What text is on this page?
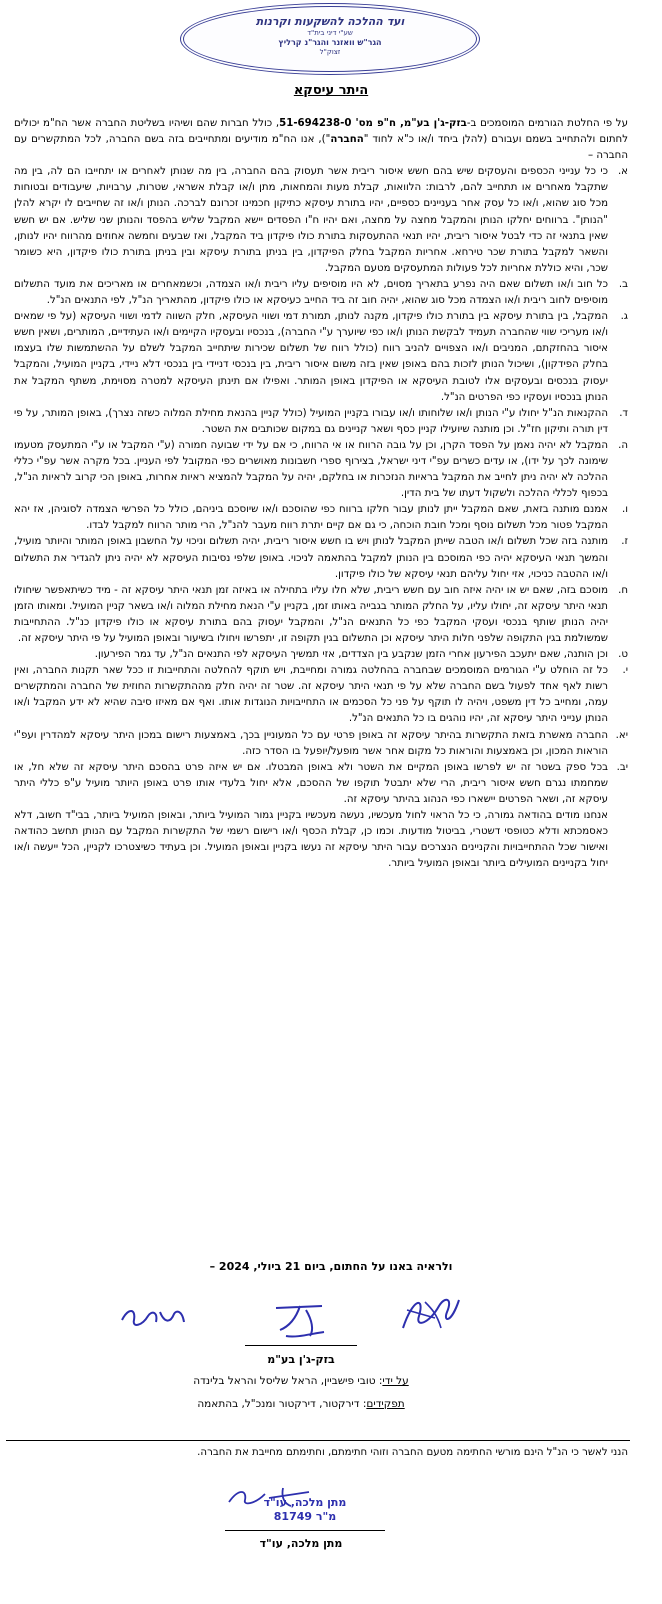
ועד ההלכה להשקעות וקרנות
שע"י דיני בית"ד
הגר"ש וואזנר והגר"נ קרליץ
זצוק"ל
היתר עיסקא
על פי החלטת הגורמים המוסמכים ב-בזק-ג'ן בע"מ, ח"פ מס' 51-694238-0, כולל חברות שהם ושיהיו בשליטת החברה אשר הח"מ יכולים לחתום ולהתחייב בשמם ועבורם (להלן ביחד ו/או כ"א לחוד "החברה"), אנו הח"מ מודיעים ומתחייבים בזה בשם החברה, לכל המתקשרים עם החברה –
א.
כי כל ענייני הכספים והעסקים שיש בהם חשש איסור ריבית אשר תעסוק בהם החברה, בין מה שנותן לאחרים או יתחייבו הם לה, בין מה שתקבל מאחרים או תתחייב להם, לרבות: הלוואות, קבלת מעות והמחאות, מתן ו/או קבלת אשראי, שטרות, ערבויות, שיעבודים ובטוחות מכל סוג שהוא, ו/או כל עסק אחר בעניינים כספיים, יהיו בתורת עיסקא כתיקון חכמינו זכרונם לברכה. הנותן ו/או זה שחייבים לו יקרא להלן "הנותן". ברווחים יחלקו הנותן והמקבל מחצה על מחצה, ואם יהיו ח"ו הפסדים יישא המקבל שליש בהפסד והנותן שני שליש. אם יש חשש שאין בתנאי זה כדי לבטל איסור ריבית, יהיו תנאי ההתעסקות בתורת כולו פיקדון ביד המקבל, ואז שבעים וחמשה אחוזים מהרווח יהיו לנותן, והשאר למקבל בתורת שכר טירחא. אחריות המקבל בחלק הפיקדון, בין בניתן בתורת עיסקא ובין בניתן בתורת כולו פיקדון, היא כשומר שכר, והיא כוללת אחריות לכל פעולות המתעסקים מטעם המקבל.
ב.
כל חוב ו/או תשלום שאם היה נפרע בתאריך מסוים, לא היו מוסיפים עליו ריבית ו/או הצמדה, וכשמאחרים או מאריכים את מועד התשלום מוסיפים לחוב ריבית ו/או הצמדה מכל סוג שהוא, יהיה חוב זה ביד החייב כעיסקא או כולו פיקדון, מהתאריך הנ"ל, לפי התנאים הנ"ל.
ג.
המקבל, בין בתורת עיסקא בין בתורת כולו פיקדון, מקנה לנותן, תמורת דמי ושווי העיסקא, חלק השווה לדמי ושווי העיסקא (על פי שמאים ו/או מעריכי שווי שהחברה תעמיד לבקשת הנותן ו/או כפי שיוערך ע"י החברה), בנכסיו ובעסקיו הקיימים ו/או העתידיים, המותרים, ושאין חשש איסור בהחזקתם, המניבים ו/או הצפויים להניב רווח (כולל רווח של תשלום שכירות שיתחייב המקבל לשלם על ההשתמשות שלו בעצמו בחלק הפידקון), ושיכול הנותן לזכות בהם באופן שאין בזה משום איסור ריבית, בין בנכסי דניידי בין בנכסי דלא ניידי, בקניין המועיל, והמקבל יעסוק בנכסים ובעסקים אלו לטובת העיסקא או הפיקדון באופן המותר. ואפילו אם תינתן העיסקא למטרה מסוימת, משתף המקבל את הנותן בנכסיו ועסקיו כפי הפרטים הנ"ל.
ד.
ההקנאות הנ"ל יחולו ע"י הנותן ו/או שלוחותו ו/או עבורו בקניין המועיל (כולל קניין בהנאת מחילת המלוה כשזה נצרך), באופן המותר, על פי דין תורה ותיקון חז"ל. וכן מותנה שיועילו קניין כסף ושאר קניינים גם במקום שכותבים את השטר.
ה.
המקבל לא יהיה נאמן על הפסד הקרן, וכן על גובה הרווח או אי הרווח, כי אם על ידי שבועה חמורה (ע"י המקבל או ע"י המתעסק מטעמו שימונה לכך על ידו), או עדים כשרים עפ"י דיני ישראל, בצירוף ספרי חשבונות מאושרים כפי המקובל לפי העניין. בכל מקרה אשר עפ"י כללי ההלכה לא יהיה ניתן לחייב את המקבל בראיות הנזכרות או בחלקם, יהיה על המקבל להמציא ראיות אחרות, באופן הכי קרוב לראיות הנ"ל, בכפוף לכללי ההלכה ולשקול דעתו של בית הדין.
ו.
אמנם מותנה בזאת, שאם המקבל ייתן לנותן עבור חלקו ברווח כפי שהוסכם ו/או שיוסכם ביניהם, כולל כל הפרשי הצמדה לסוגיהן, אז יהא המקבל פטור מכל תשלום נוסף ומכל חובת הוכחה, כי גם אם קיים יתרת רווח מעבר להנ"ל, הרי מותר הרווח למקבל לבדו.
ז.
מותנה בזה שכל תשלום ו/או הטבה שייתן המקבל לנותן ויש בו חשש איסור ריבית, יהיה תשלום וניכוי על החשבון באופן המותר והיותר מועיל, והמשך תנאי העיסקא יהיה כפי המוסכם בין הנותן למקבל בהתאמה לניכוי. באופן שלפי נסיבות העיסקא לא יהיה ניתן להגדיר את התשלום ו/או ההטבה כניכוי, אזי יחול עליהם תנאי עיסקא של כולו פיקדון.
ח.
מוסכם בזה, שאם יש או יהיה איזה חוב עם חשש ריבית, שלא חלו עליו בתחילה או באיזה זמן תנאי היתר עיסקא זה - מיד כשיתאפשר שיחולו תנאי היתר עיסקא זה, יחולו עליו, על החלק המותר בגבייה באותו זמן, בקניין ע"י הנאת מחילת המלוה ו/או בשאר קניין המועיל. ומאותו הזמן יהיה הנותן שותף בנכסי ועסקי המקבל כפי כל התנאים הנ"ל, והמקבל יעסוק בהם בתורת עיסקא או כולו פיקדון כנ"ל. ההתחייבות שמשולמת בגין התקופה שלפני חלות היתר עיסקא וכן התשלום בגין תקופה זו, יתפרשו ויחולו בשיעור ובאופן המועיל על פי היתר עיסקא זה.
ט.
וכן הותנה, שאם יתעכב הפירעון אחרי הזמן שנקבע בין הצדדים, אזי תמשיך העיסקא לפי התנאים הנ"ל, עד גמר הפירעון.
י.
כל זה הוחלט ע"י הגורמים המוסמכים שבחברה בהחלטה גמורה ומחייבת, ויש תוקף להחלטה והתחייבות זו ככל שאר תקנות החברה, ואין רשות לאף אחד לפעול בשם החברה שלא על פי תנאי היתר עיסקא זה. שטר זה יהיה חלק מההתקשרות החוזית של החברה והמתקשרים עמה, ומחייב כל דין משפט, ויהיה לו תוקף על פני כל הסכמים או התחייבויות הנוגדות אותו. ואף אם מאיזו סיבה שהיא לא ידע המקבל ו/או הנותן ענייני היתר עיסקא זה, יהיו נוהגים בו כל התנאים הנ"ל.
יא.
החברה מאשרת בזאת התקשרות בהיתר עיסקא זה באופן פרטי עם כל המעוניין בכך, באמצעות רישום במכון היתר עיסקא למהדרין ועפ"י הוראות המכון, וכן באמצעות והוראות כל מקום אחר אשר מופעל/יופעל בו הסדר כזה.
יב.
בכל ספק בשטר זה יש לפרשו באופן המקיים את השטר ולא באופן המבטלו. אם יש איזה פרט בהסכם היתר עיסקא זה שלא חל, או שמחמתו נגרם חשש איסור ריבית, הרי שלא יתבטל תוקפו של ההסכם, אלא יחול בלעדי אותו פרט באופן היותר מועיל ע"פ כללי היתר עיסקא זה, ושאר הפרטים יישארו כפי הנהוג בהיתר עיסקא זה.
אנחנו מודים בהודאה גמורה, כי כל הראוי לחול מעכשיו, נעשה מעכשיו בקניין גמור המועיל ביותר, ובאופן המועיל ביותר, בבי"ד חשוב, דלא כאסמכתא ודלא כטופסי דשטרי, בביטול מודעות. וכמו כן, קבלת הכסף ו/או רישום רשמי של התקשרות המקבל עם הנותן תחשב כהודאה ואישור שכל ההתחייבויות והקניינים הנצרכים עבור היתר עיסקא זה נעשו בקניין ובאופן המועיל. וכן בעתיד כשיצטרכו לקניין, הכל ייעשה ו/או יחול בקניינים המועילים ביותר ובאופן המועיל ביותר.
ולראיה באנו על החתום, ביום 21 ביולי, 2024 –
בזק-ג'ן בע"מ
על ידי: טובי פישביין, הראל שליסל והראל בלינדה
תפקידים: דירקטור, דירקטור ומנכ"ל, בהתאמה
הנני לאשר כי הנ"ל הינם מורשי החתימה מטעם החברה וזוהי חתימתם, וחתימתם מחייבת את החברה.
מתן מלכה, עו"ד
מ"ר 81749
מתן מלכה, עו"ד
